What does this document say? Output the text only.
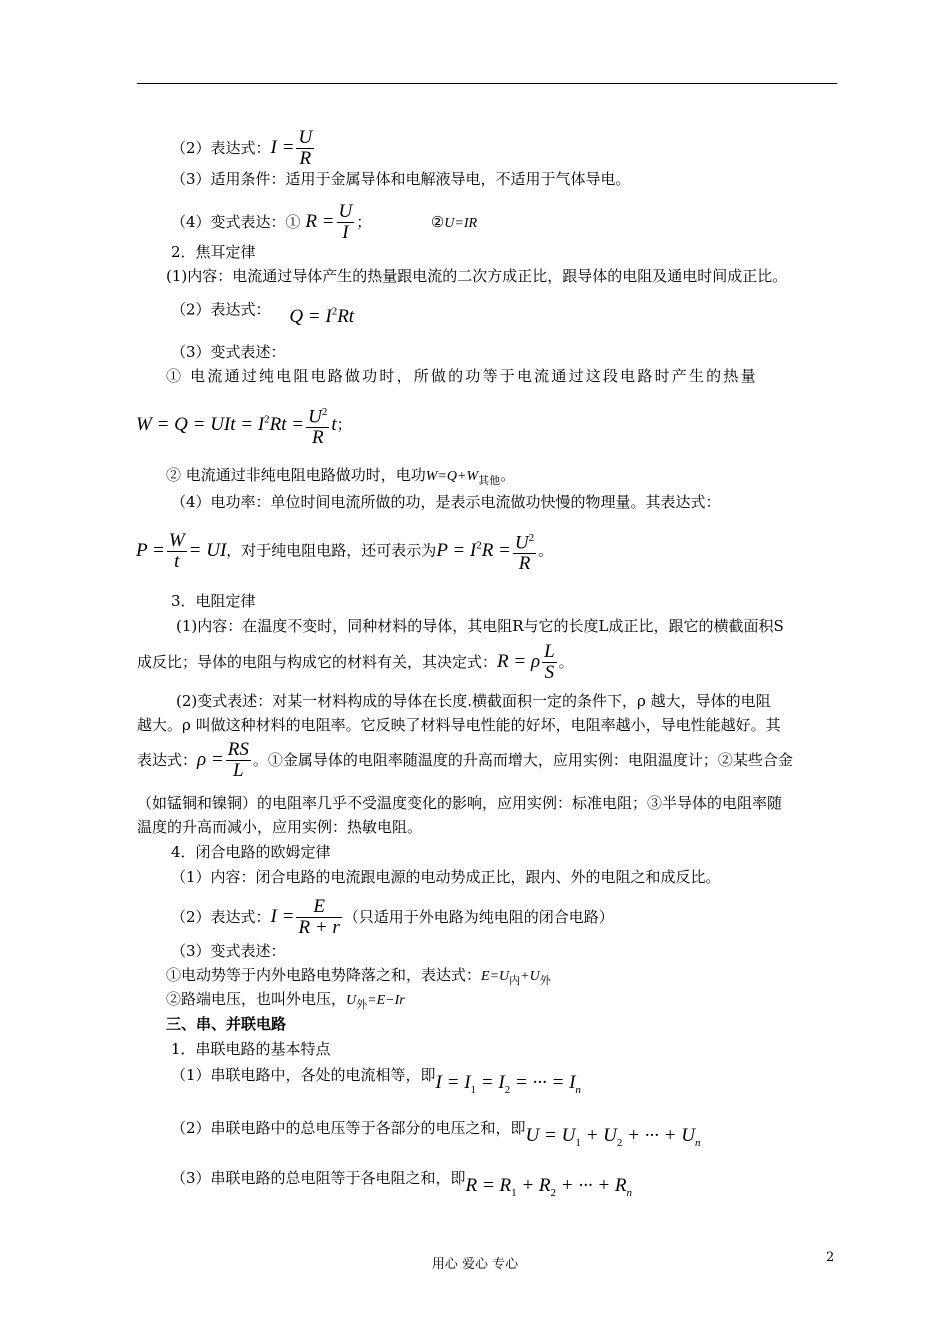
（2）表达式：$I = \frac{U}{R}$
（3）适用条件：适用于金属导体和电解液导电，不适用于气体导电。
（4）变式表达：① $R = \frac{U}{I}$ ；	②U=IR
2．焦耳定律
(1)内容：电流通过导体产生的热量跟电流的二次方成正比，跟导体的电阻及通电时间成正比。
（2）表达式： $Q = I^2Rt$
（3）变式表述：
① 电流通过纯电阻电路做功时，所做的功等于电流通过这段电路时产生的热量
W = Q = UIt = $I^2Rt = \frac{U^2}{R}$ t；
② 电流通过非纯电阻电路做功时，电功$W=Q+W_{其他}$。
（4）电功率：单位时间电流所做的功，是表示电流做功快慢的物理量。其表达式：
$P = \frac{W}{t}$ = UI，对于纯电阻电路，还可表示为$P = I^2R = \frac{U^2}{R}$ 。
3．电阻定律
(1)内容：在温度不变时，同种材料的导体，其电阻R与它的长度L成正比，跟它的横截面积S
成反比；导体的电阻与构成它的材料有关，其决定式：R = ρ $\frac{L}{S}$ 。
(2)变式表述：对某一材料构成的导体在长度.横截面积一定的条件下，ρ 越大，导体的电阻
越大。ρ 叫做这种材料的电阻率。它反映了材料导电性能的好坏，电阻率越小，导电性能越好。其
表达式：$\rho = \frac{RS}{L}$ 。①金属导体的电阻率随温度的升高而增大，应用实例：电阻温度计；②某些合金
（如锰铜和镍铜）的电阻率几乎不受温度变化的影响，应用实例：标准电阻；③半导体的电阻率随
温度的升高而减小，应用实例：热敏电阻。
4．闭合电路的欧姆定律
（1）内容：闭合电路的电流跟电源的电动势成正比，跟内、外的电阻之和成反比。
（2）表达式：$I = \frac{E}{R + r}$ （只适用于外电路为纯电阻的闭合电路）
（3）变式表述：
①电动势等于内外电路电势降落之和，表达式：$E=U_内+U_外$
②路端电压，也叫外电压，$U_外=E-Ir$
三、串、并联电路
1．串联电路的基本特点
（1）串联电路中，各处的电流相等，即$I = I_1 = I_2$ = ··· = $I_n$
（2）串联电路中的总电压等于各部分的电压之和，即$U = U_1 + U_2$ + ··· + $U_n$
（3）串联电路的总电阻等于各电阻之和，即$R = R_1 + R_2$ + ··· + $R_n$
用心 爱心 专心	2
